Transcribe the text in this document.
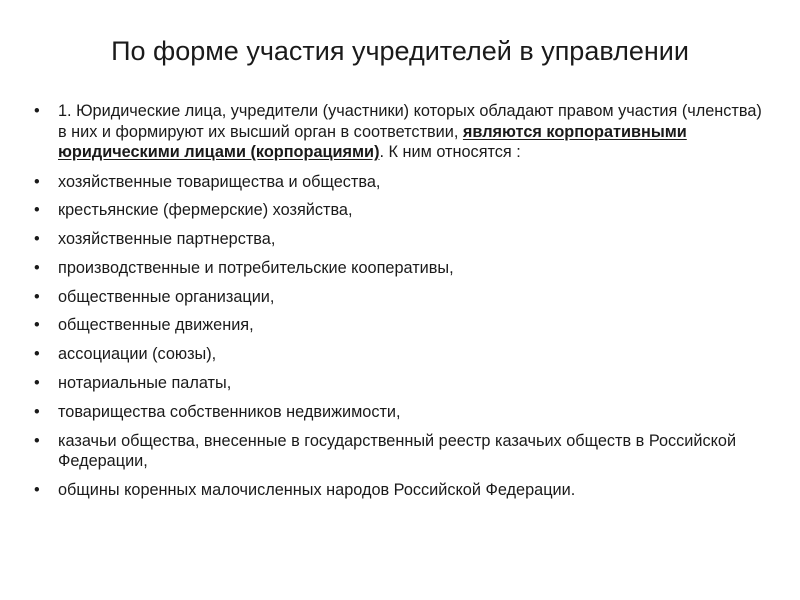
По форме участия учредителей в управлении
•	1. Юридические лица, учредители (участники) которых обладают правом участия (членства) в них и формируют их высший орган в соответствии, являются корпоративными юридическими лицами (корпорациями). К ним относятся :
•	хозяйственные товарищества и общества,
•	крестьянские (фермерские) хозяйства,
•	хозяйственные партнерства,
•	производственные и потребительские кооперативы,
•	общественные организации,
•	общественные движения,
•	ассоциации (союзы),
•	нотариальные палаты,
•	товарищества собственников недвижимости,
•	казачьи общества, внесенные в государственный реестр казачьих обществ в Российской Федерации,
•	общины коренных малочисленных народов Российской Федерации.
